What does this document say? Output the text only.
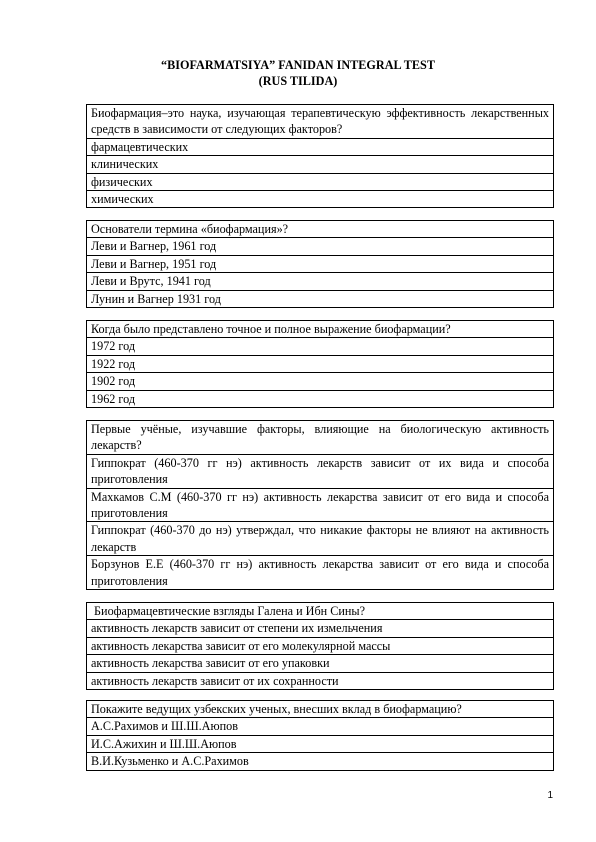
“BIOFARMATSIYA” FANIDAN INTEGRAL TEST
(RUS TILIDA)
Биофармация–это наука, изучающая терапевтическую эффективность лекарственных средств в зависимости от следующих факторов?
фармацевтических
клинических
физических
химических
Основатели термина «биофармация»?
Леви и Вагнер, 1961 год
Леви и Вагнер, 1951 год
Леви и Врутс, 1941 год
Лунин и Вагнер 1931 год
Когда было представлено точное и полное выражение биофармации?
1972 год
1922 год
1902 год
1962 год
Первые учёные, изучавшие факторы, влияющие на биологическую активность лекарств?
Гиппократ (460-370 гг нэ) активность лекарств зависит от их вида и способа приготовления
Махкамов С.М (460-370 гг нэ) активность лекарства зависит от его вида и способа приготовления
Гиппократ (460-370 до нэ) утверждал, что никакие факторы не влияют на активность лекарств
Борзунов Е.Е (460-370 гг нэ) активность лекарства зависит от его вида и способа приготовления
Биофармацевтические взгляды Галена и Ибн Сины?
активность лекарств зависит от степени их измельчения
активность лекарства зависит от его молекулярной массы
активность лекарства зависит от его упаковки
активность лекарств зависит от их сохранности
Покажите ведущих узбекских ученых, внесших вклад в биофармацию?
А.С.Рахимов и Ш.Ш.Аюпов
И.С.Ажихин и Ш.Ш.Аюпов
В.И.Кузьменко и А.С.Рахимов
1
